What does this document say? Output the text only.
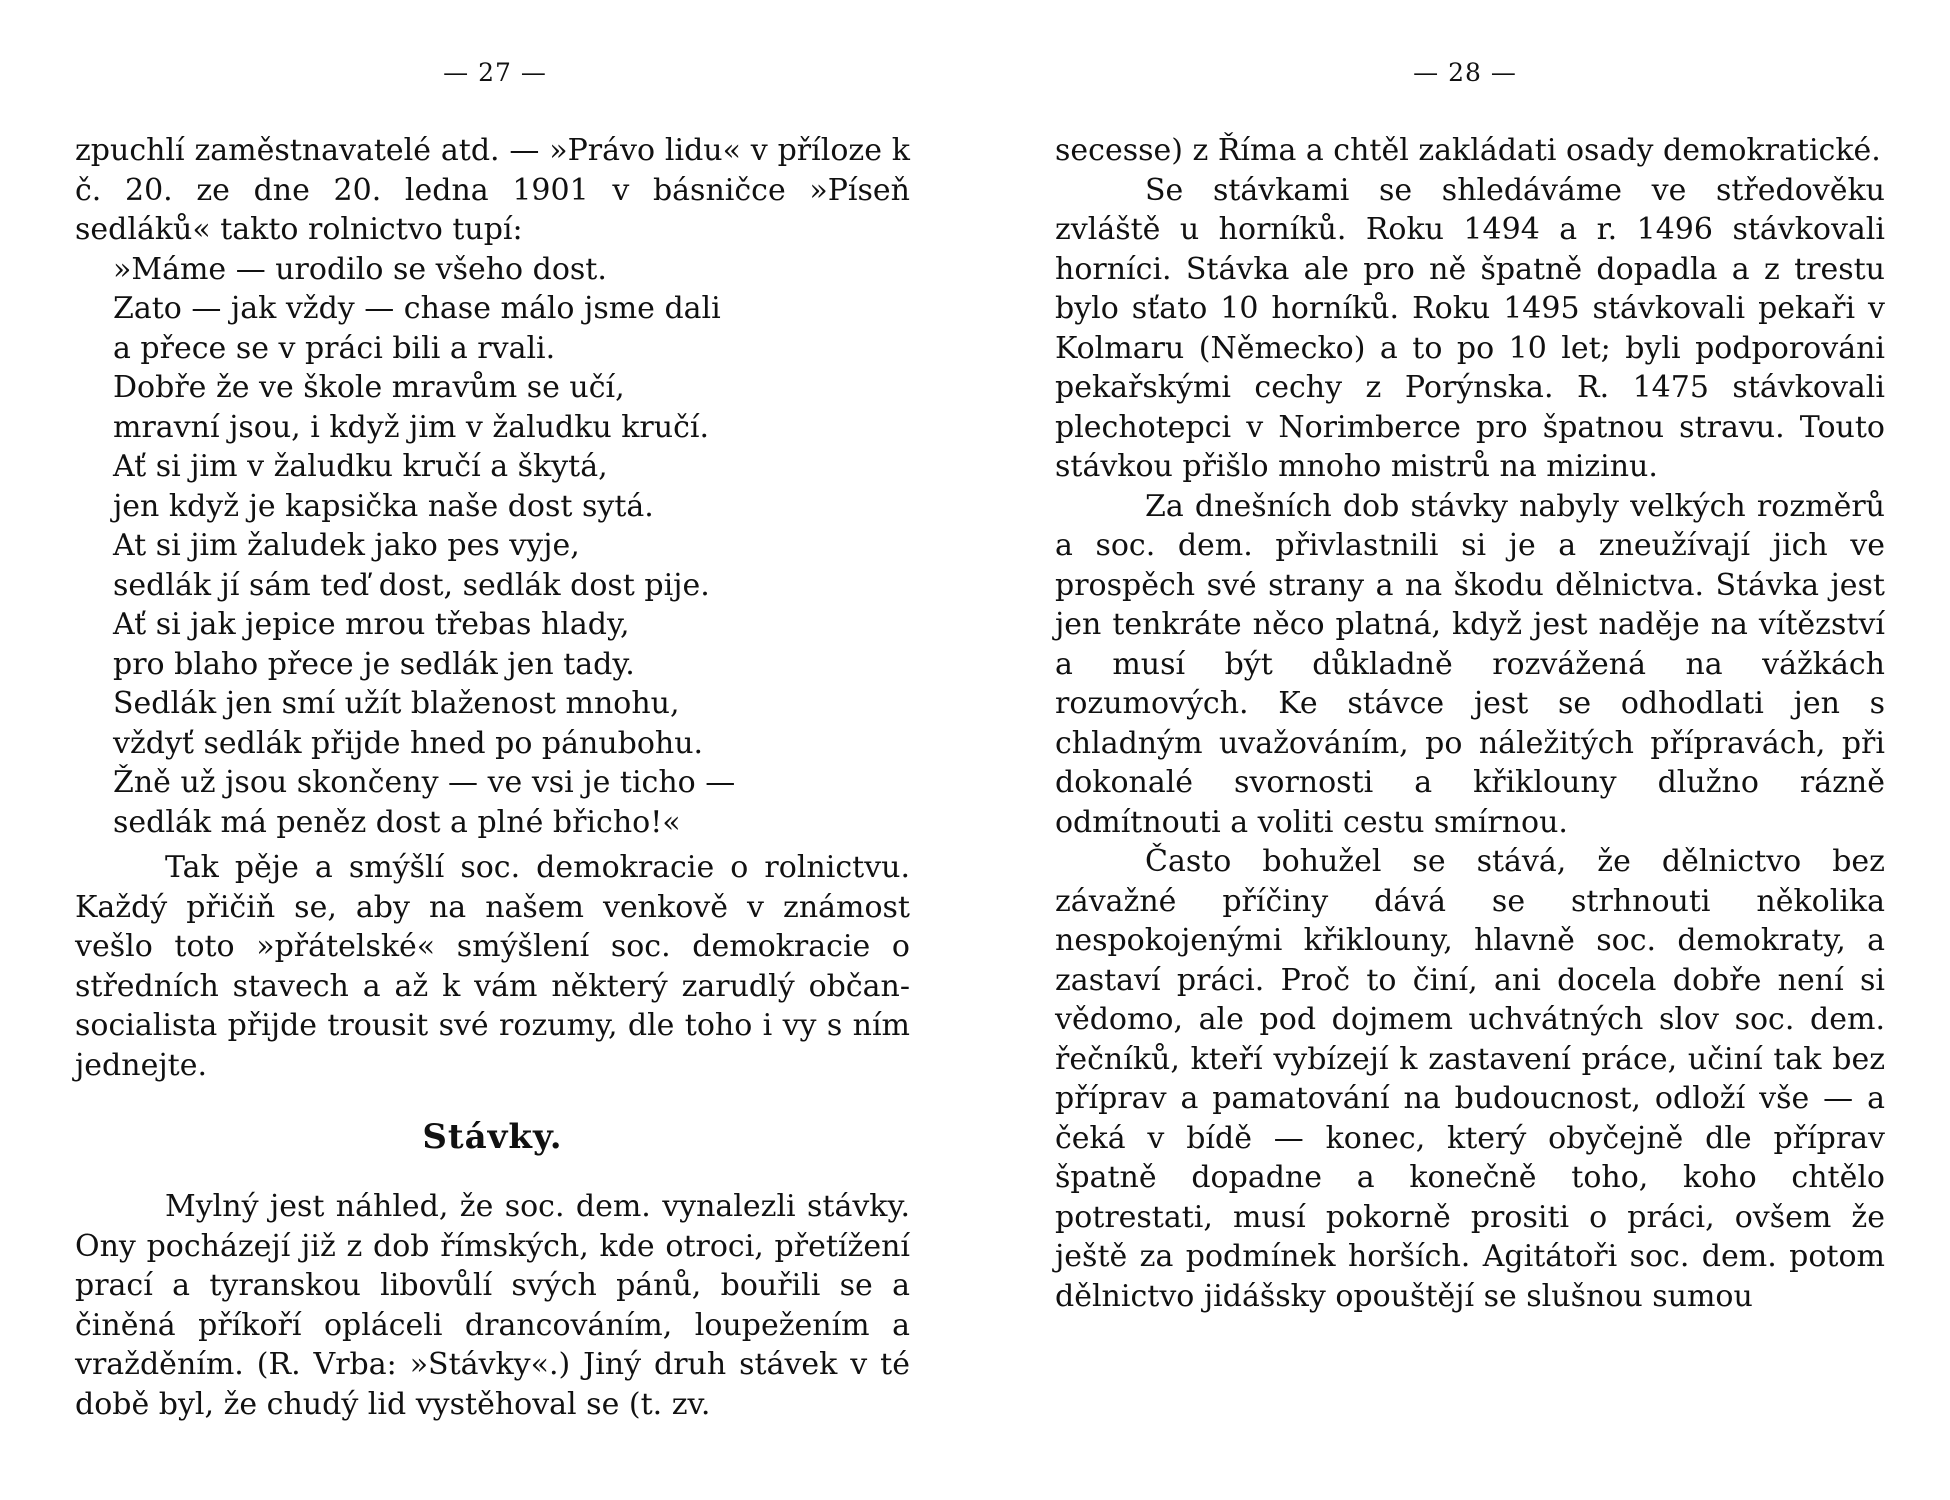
— 27 —

zpuchlí zaměstnavatelé atd. — »Právo lidu« v příloze k č. 20. ze dne 20. ledna 1901 v básničce »Píseň sedláků« takto rolnictvo tupí:

»Máme — urodilo se všeho dost.
Zato — jak vždy — chase málo jsme dali
a přece se v práci bili a rvali.
Dobře že ve škole mravům se učí,
mravní jsou, i když jim v žaludku kručí.
Ať si jim v žaludku kručí a škytá,
jen když je kapsička naše dost sytá.
At si jim žaludek jako pes vyje,
sedlák jí sám teď dost, sedlák dost pije.
Ať si jak jepice mrou třebas hlady,
pro blaho přece je sedlák jen tady.
Sedlák jen smí užít blaženost mnohu,
vždyť sedlák přijde hned po pánubohu.
Žně už jsou skončeny — ve vsi je ticho —
sedlák má peněz dost a plné břicho!«

Tak pěje a smýšlí soc. demokracie o rolnictvu. Každý přičiň se, aby na našem venkově v známost vešlo toto »přátelské« smýšlení soc. demokracie o středních stavech a až k vám některý zarudlý občan-socialista přijde trousit své rozumy, dle toho i vy s ním jednejte.

Stávky.

Mylný jest náhled, že soc. dem. vynalezli stávky. Ony pocházejí již z dob římských, kde otroci, přetížení prací a tyranskou libovůlí svých pánů, bouřili se a činěná příkoří opláceli drancováním, loupežením a vražděním. (R. Vrba: »Stávky«.) Jiný druh stávek v té době byl, že chudý lid vystěhoval se (t. zv.

— 28 —

secesse) z Říma a chtěl zakládati osady demokratické.

Se stávkami se shledáváme ve středověku zvláště u horníků. Roku 1494 a r. 1496 stávkovali horníci. Stávka ale pro ně špatně dopadla a z trestu bylo sťato 10 horníků. Roku 1495 stávkovali pekaři v Kolmaru (Německo) a to po 10 let; byli podporováni pekařskými cechy z Porýnska. R. 1475 stávkovali plechotepci v Norimberce pro špatnou stravu. Touto stávkou přišlo mnoho mistrů na mizinu.

Za dnešních dob stávky nabyly velkých rozměrů a soc. dem. přivlastnili si je a zneužívají jich ve prospěch své strany a na škodu dělnictva. Stávka jest jen tenkráte něco platná, když jest naděje na vítězství a musí být důkladně rozvážená na vážkách rozumových. Ke stávce jest se odhodlati jen s chladným uvažováním, po náležitých přípravách, při dokonalé svornosti a křiklouny dlužno rázně odmítnouti a voliti cestu smírnou.

Často bohužel se stává, že dělnictvo bez závažné příčiny dává se strhnouti několika nespokojenými křiklouny, hlavně soc. demokraty, a zastaví práci. Proč to činí, ani docela dobře není si vědomo, ale pod dojmem uchvátných slov soc. dem. řečníků, kteří vybízejí k zastavení práce, učiní tak bez příprav a pamatování na budoucnost, odloží vše — a čeká v bídě — konec, který obyčejně dle příprav špatně dopadne a konečně toho, koho chtělo potrestati, musí pokorně prositi o práci, ovšem že ještě za podmínek horších. Agitátoři soc. dem. potom dělnictvo jidášsky opouštějí se slušnou sumou
